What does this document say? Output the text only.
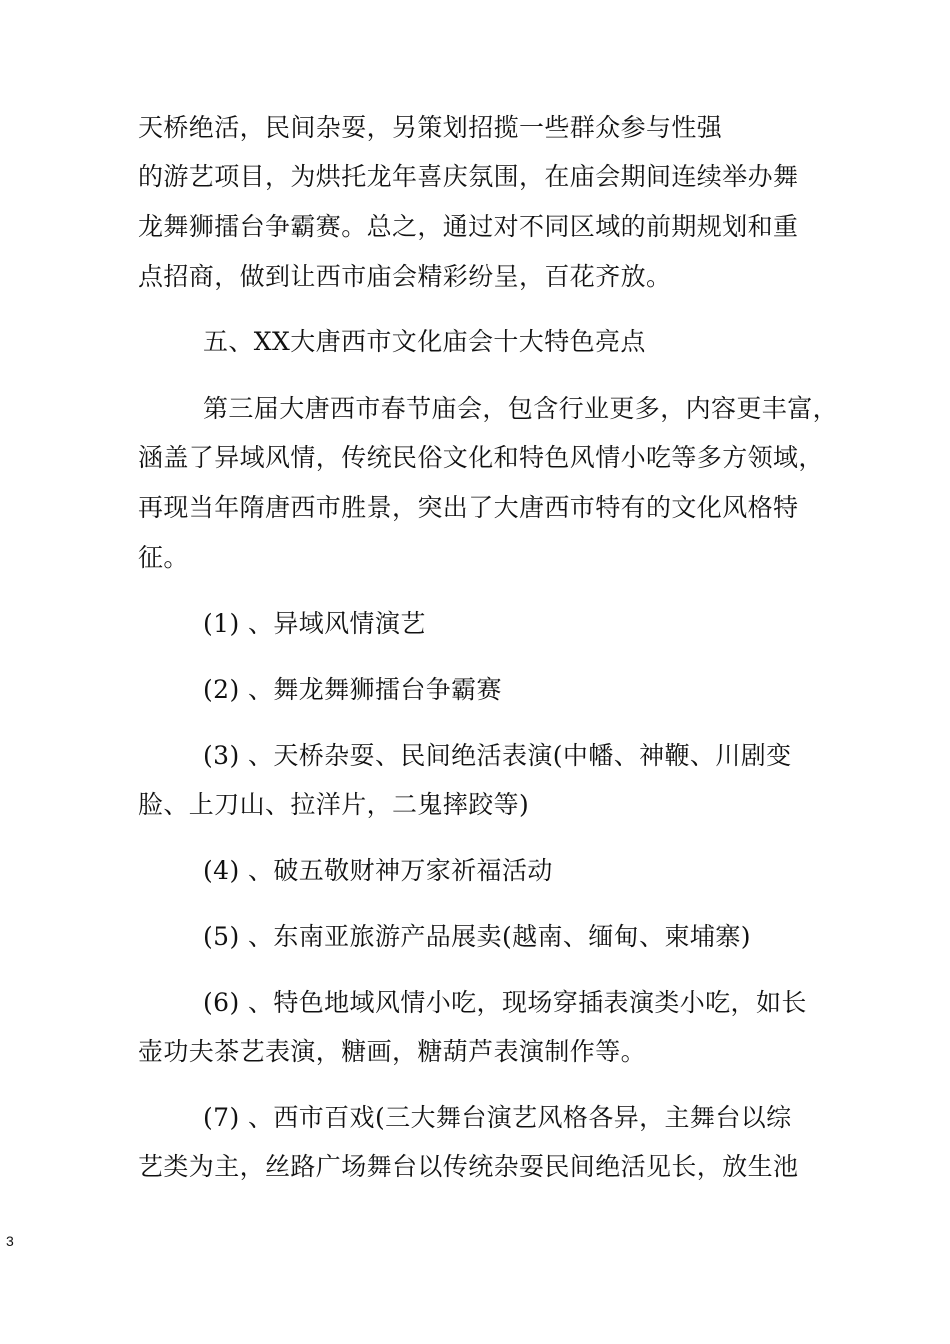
天桥绝活，民间杂耍，另策划招揽一些群众参与性强
的游艺项目，为烘托龙年喜庆氛围，在庙会期间连续举办舞
龙舞狮擂台争霸赛。总之，通过对不同区域的前期规划和重
点招商，做到让西市庙会精彩纷呈，百花齐放。
五、XX大唐西市文化庙会十大特色亮点
第三届大唐西市春节庙会，包含行业更多，内容更丰富，
涵盖了异域风情，传统民俗文化和特色风情小吃等多方领域，
再现当年隋唐西市胜景，突出了大唐西市特有的文化风格特
征。
(1) 、异域风情演艺
(2) 、舞龙舞狮擂台争霸赛
(3) 、天桥杂耍、民间绝活表演(中幡、神鞭、川剧变
脸、上刀山、拉洋片，二鬼摔跤等)
(4) 、破五敬财神万家祈福活动
(5) 、东南亚旅游产品展卖(越南、缅甸、柬埔寨)
(6) 、特色地域风情小吃，现场穿插表演类小吃，如长
壶功夫茶艺表演，糖画，糖葫芦表演制作等。
(7) 、西市百戏(三大舞台演艺风格各异，主舞台以综
艺类为主，丝路广场舞台以传统杂耍民间绝活见长，放生池
3
